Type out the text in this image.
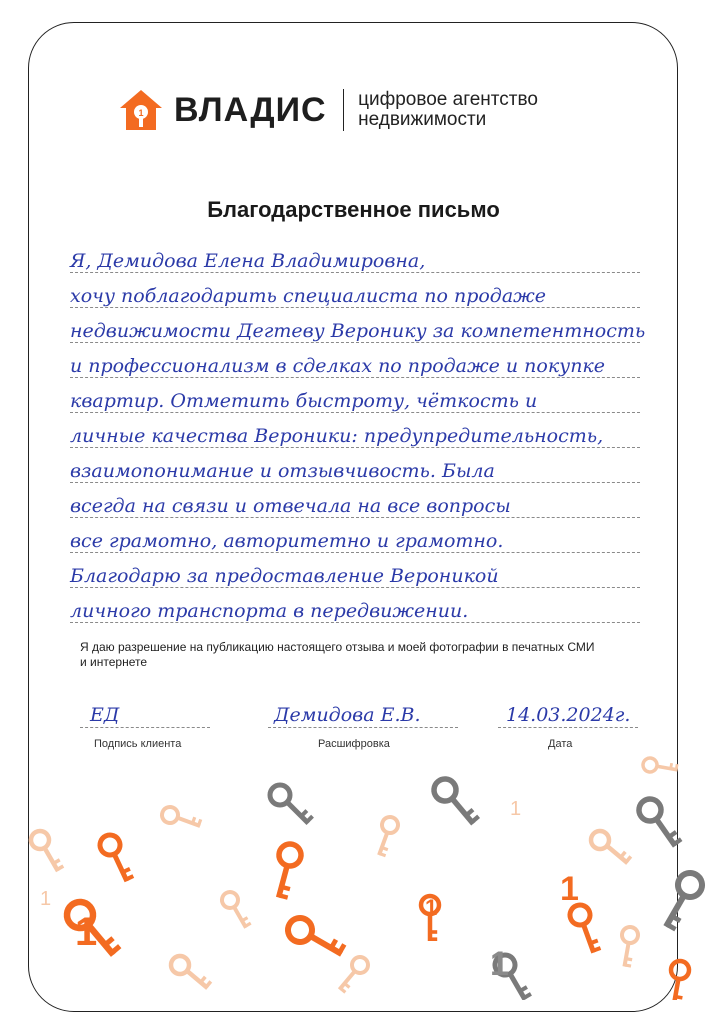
1 ВЛАДИС цифровое агентство
недвижимости
Благодарственное письмо
Я, Демидова Елена Владимировна,
хочу поблагодарить специалиста по продаже
недвижимости Дегтеву Веронику за компетентность
и профессионализм в сделках по продаже и покупке
квартир. Отметить быстроту, чёткость и
личные качества Вероники: предупредительность,
взаимопонимание и отзывчивость. Была
всегда на связи и отвечала на все вопросы
все грамотно, авторитетно и грамотно.
Благодарю за предоставление Вероникой
личного транспорта в передвижении.
Я даю разрешение на публикацию настоящего отзыва и моей фотографии в печатных СМИ и интернете
ЕД
Подпись клиента
Демидова Е.В.
Расшифровка
14.03.2024г.
Дата
1
1	1
1
1
1
